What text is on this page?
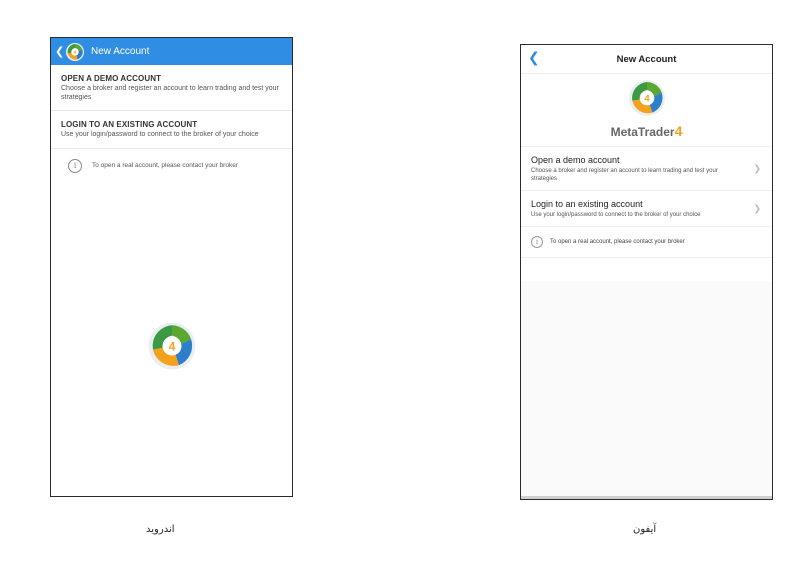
❮	New Account
OPEN A DEMO ACCOUNT
Choose a broker and register an account to learn trading and test your strategies
LOGIN TO AN EXISTING ACCOUNT
Use your login/password to connect to the broker of your choice
i	To open a real account, please contact your broker
اندروید
❮	New Account
MetaTrader4
Open a demo account
Choose a broker and register an account to learn trading and test your strategies
❯
Login to an existing account
Use your login/password to connect to the broker of your choice
❯
i	To open a real account, please contact your broker
آیفون
